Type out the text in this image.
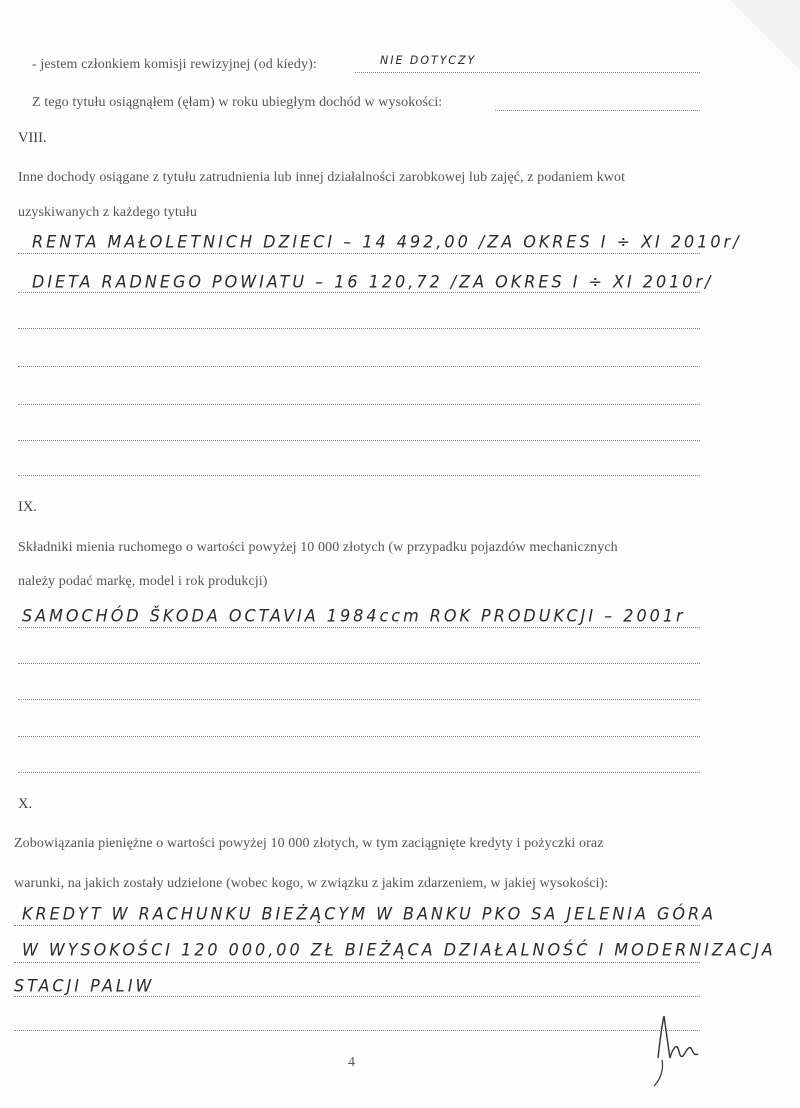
- jestem członkiem komisji rewizyjnej (od kiedy):	NIE DOTYCZY
Z tego tytułu osiągnąłem (ęłam) w roku ubiegłym dochód w wysokości:
VIII.
Inne dochody osiągane z tytułu zatrudnienia lub innej działalności zarobkowej lub zajęć, z podaniem kwot
uzyskiwanych z każdego tytułu
RENTA MAŁOLETNICH DZIECI – 14 492,00 /ZA OKRES I ÷ XI 2010r/
DIETA RADNEGO POWIATU – 16 120,72 /ZA OKRES I ÷ XI 2010r/
IX.
Składniki mienia ruchomego o wartości powyżej 10 000 złotych (w przypadku pojazdów mechanicznych
należy podać markę, model i rok produkcji)
SAMOCHÓD ŠKODA OCTAVIA 1984ccm ROK PRODUKCJI – 2001r
X.
Zobowiązania pieniężne o wartości powyżej 10 000 złotych, w tym zaciągnięte kredyty i pożyczki oraz
warunki, na jakich zostały udzielone (wobec kogo, w związku z jakim zdarzeniem, w jakiej wysokości):
KREDYT W RACHUNKU BIEŻĄCYM W BANKU PKO SA JELENIA GÓRA
W WYSOKOŚCI 120 000,00 ZŁ BIEŻĄCA DZIAŁALNOŚĆ I MODERNIZACJA
STACJI PALIW
4
